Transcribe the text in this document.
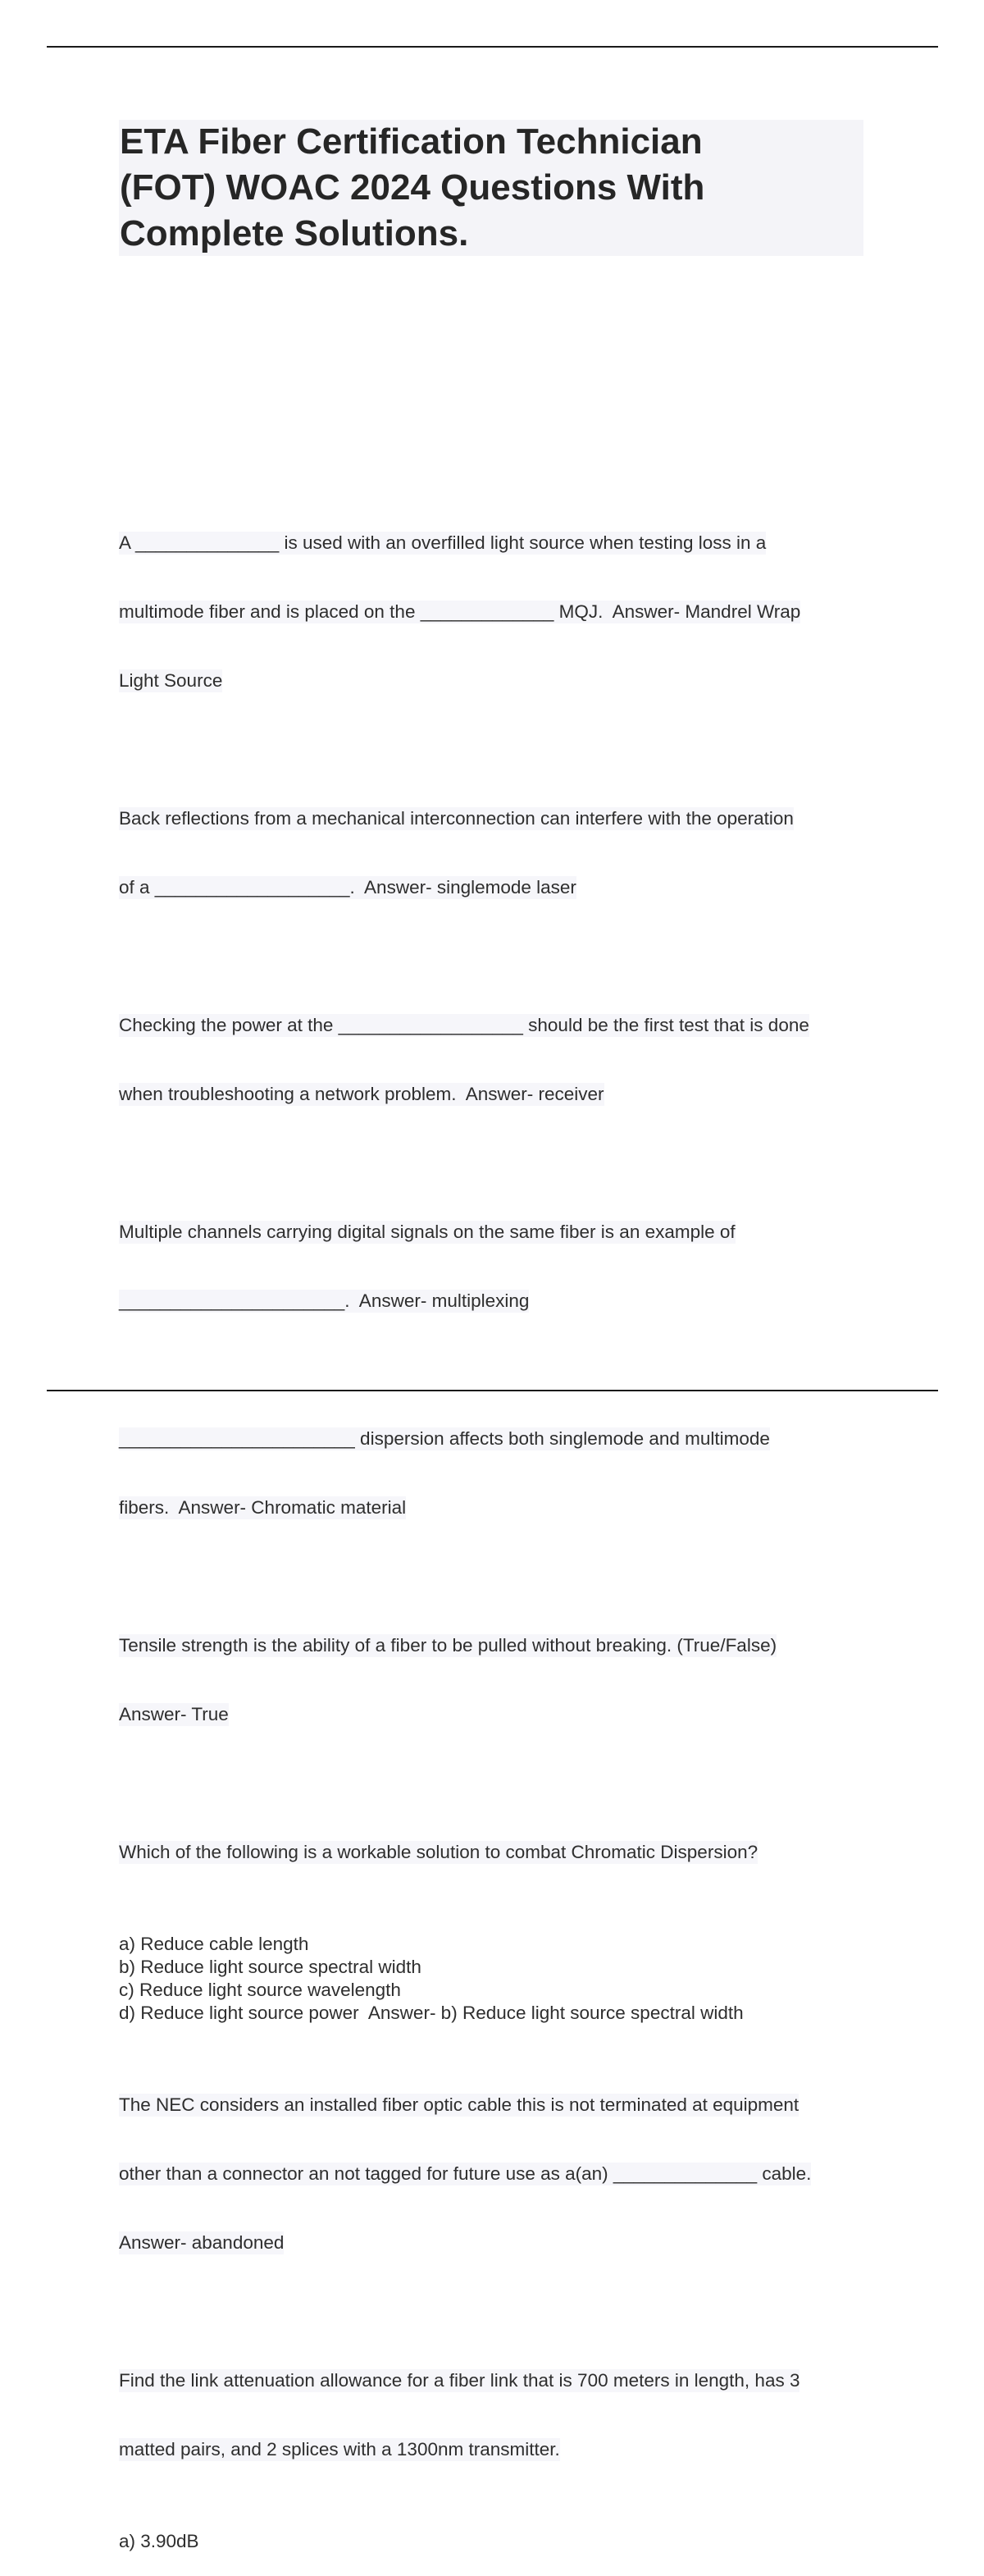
ETA Fiber Certification Technician
(FOT) WOAC 2024 Questions With
Complete Solutions.

A ______________ is used with an overfilled light source when testing loss in a

multimode fiber and is placed on the _____________ MQJ.  Answer- Mandrel Wrap

Light Source

Back reflections from a mechanical interconnection can interfere with the operation

of a ___________________.  Answer- singlemode laser

Checking the power at the __________________ should be the first test that is done

when troubleshooting a network problem.  Answer- receiver

Multiple channels carrying digital signals on the same fiber is an example of

______________________.  Answer- multiplexing

_______________________ dispersion affects both singlemode and multimode

fibers.  Answer- Chromatic material

Tensile strength is the ability of a fiber to be pulled without breaking. (True/False)

Answer- True

Which of the following is a workable solution to combat Chromatic Dispersion?

a) Reduce cable length
b) Reduce light source spectral width
c) Reduce light source wavelength
d) Reduce light source power  Answer- b) Reduce light source spectral width

The NEC considers an installed fiber optic cable this is not terminated at equipment

other than a connector an not tagged for future use as a(an) ______________ cable.

Answer- abandoned

Find the link attenuation allowance for a fiber link that is 700 meters in length, has 3

matted pairs, and 2 splices with a 1300nm transmitter.

a) 3.90dB
